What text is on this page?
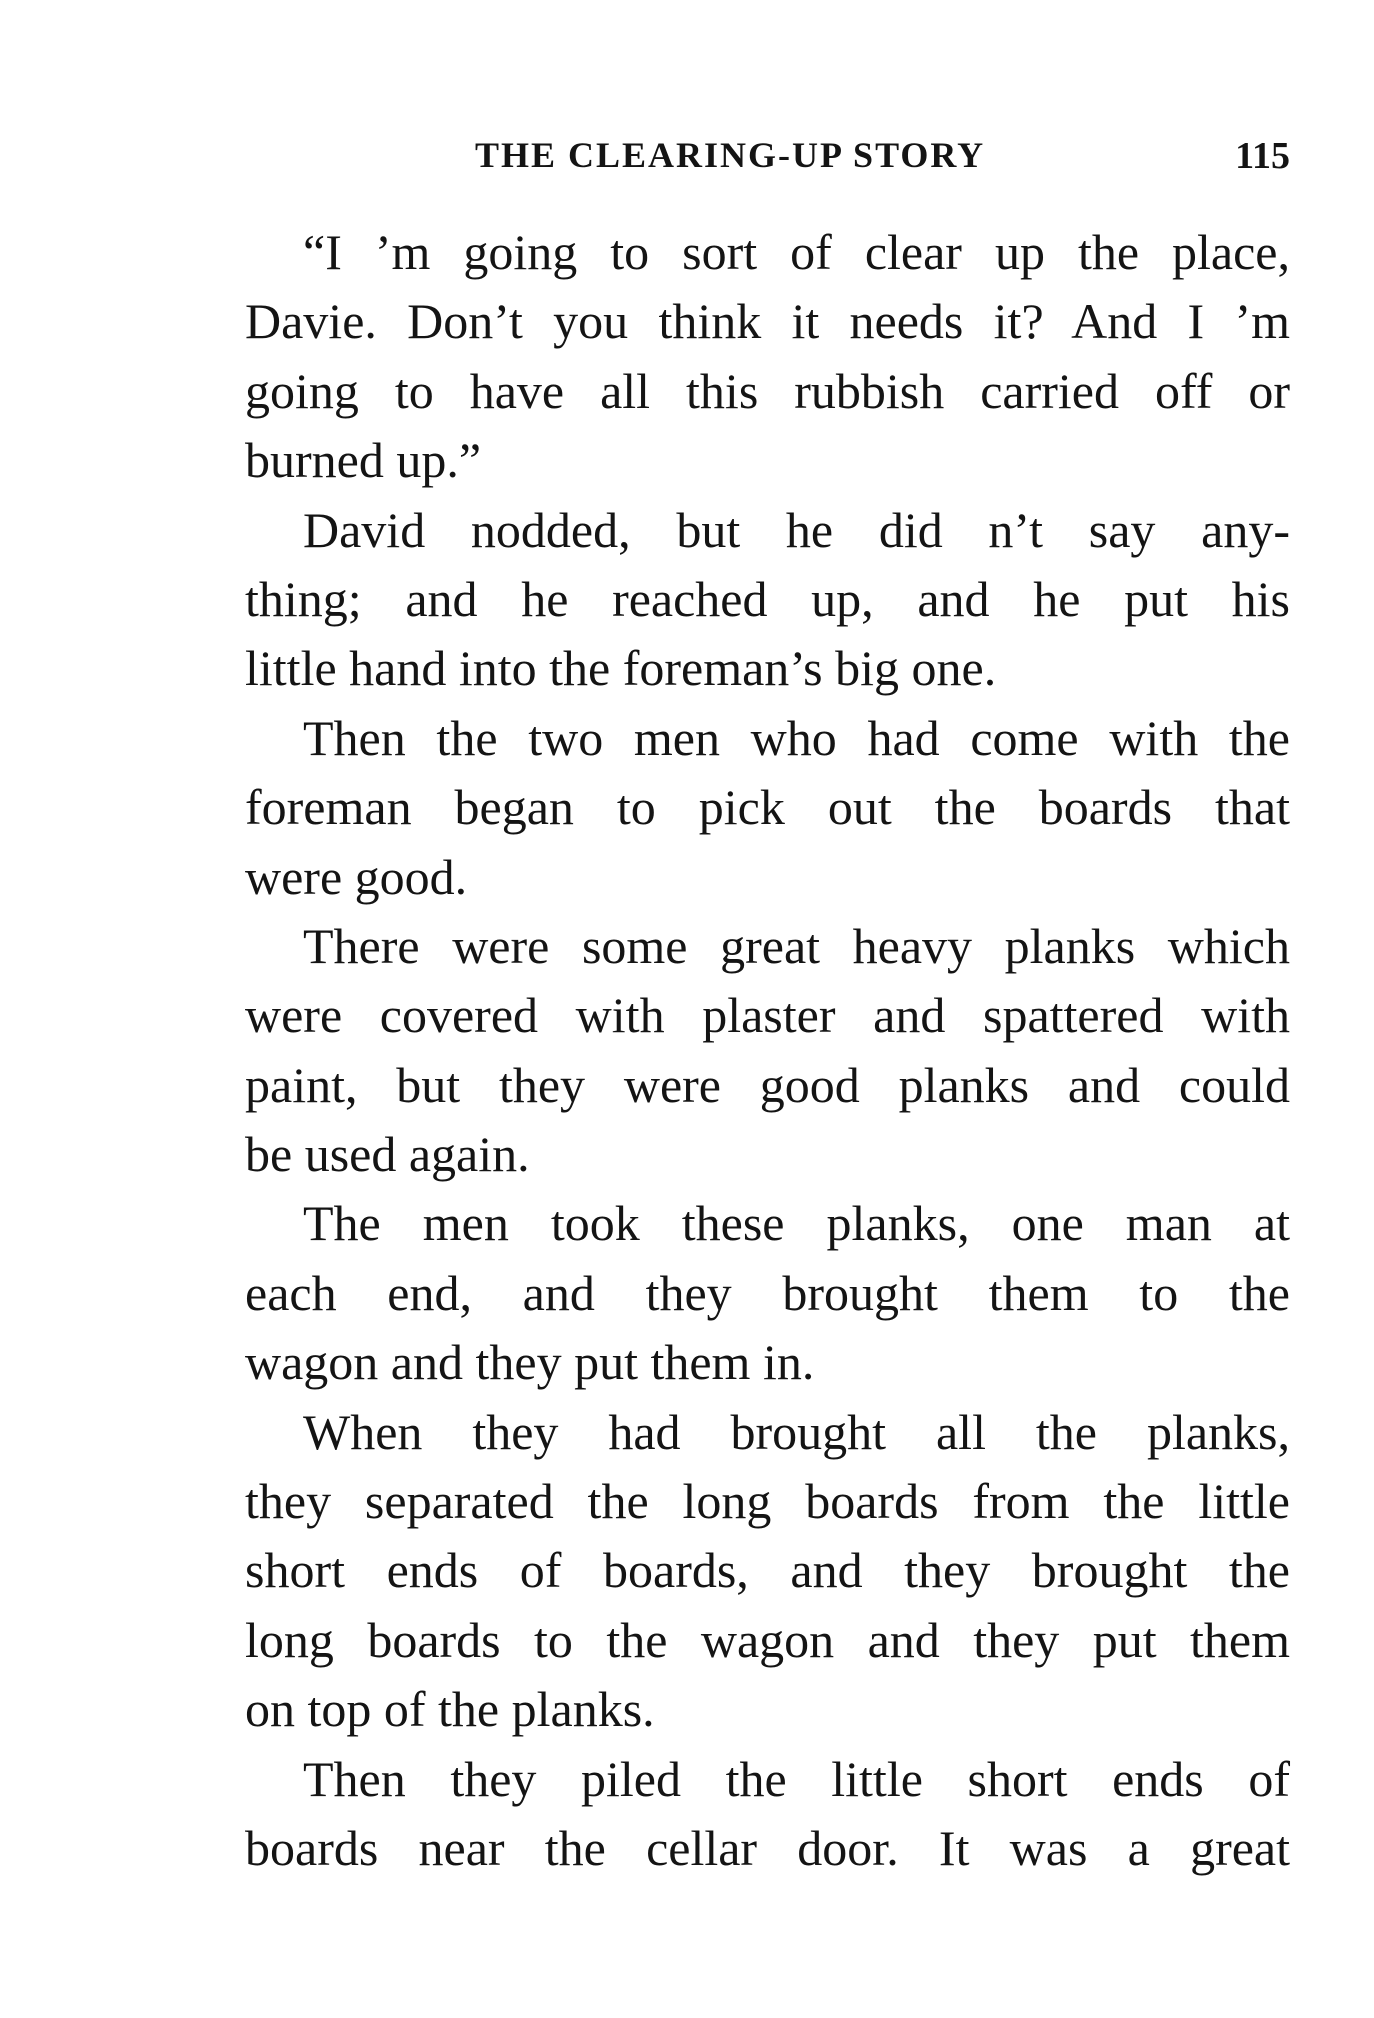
THE CLEARING-UP STORY	115
“I ’m going to sort of clear up the place,
Davie. Don’t you think it needs it? And I ’m
going to have all this rubbish carried off or
burned up.”
David nodded, but he did n’t say any-
thing; and he reached up, and he put his
little hand into the foreman’s big one.
Then the two men who had come with the
foreman began to pick out the boards that
were good.
There were some great heavy planks which
were covered with plaster and spattered with
paint, but they were good planks and could
be used again.
The men took these planks, one man at
each end, and they brought them to the
wagon and they put them in.
When they had brought all the planks,
they separated the long boards from the little
short ends of boards, and they brought the
long boards to the wagon and they put them
on top of the planks.
Then they piled the little short ends of
boards near the cellar door. It was a great
